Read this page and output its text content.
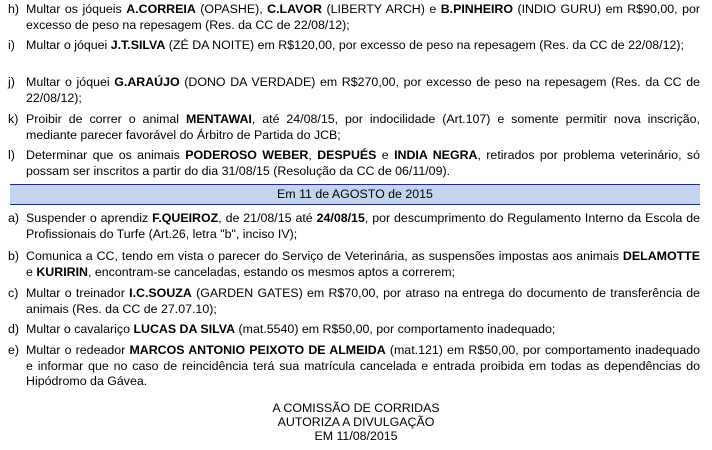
h) Multar os jóqueis A.CORREIA (OPASHE), C.LAVOR (LIBERTY ARCH) e B.PINHEIRO (INDIO GURU) em R$90,00, por excesso de peso na repesagem (Res. da CC de 22/08/12);
i) Multar o jóquei J.T.SILVA (ZÉ DA NOITE) em R$120,00, por excesso de peso na repesagem (Res. da CC de 22/08/12);
j) Multar o jóquei G.ARAÚJO (DONO DA VERDADE) em R$270,00, por excesso de peso na repesagem (Res. da CC de 22/08/12);
k) Proibir de correr o animal MENTAWAI, até 24/08/15, por indocilidade (Art.107) e somente permitir nova inscrição, mediante parecer favorável do Árbitro de Partida do JCB;
l) Determinar que os animais PODEROSO WEBER, DESPUÉS e INDIA NEGRA, retirados por problema veterinário, só possam ser inscritos a partir do dia 31/08/15 (Resolução da CC de 06/11/09).
Em 11 de AGOSTO de 2015
a) Suspender o aprendiz F.QUEIROZ, de 21/08/15 até 24/08/15, por descumprimento do Regulamento Interno da Escola de Profissionais do Turfe (Art.26, letra "b", inciso IV);
b) Comunica a CC, tendo em vista o parecer do Serviço de Veterinária, as suspensões impostas aos animais DELAMOTTE e KURIRIN, encontram-se canceladas, estando os mesmos aptos a correrem;
c) Multar o treinador I.C.SOUZA (GARDEN GATES) em R$70,00, por atraso na entrega do documento de transferência de animais (Res. da CC de 27.07.10);
d) Multar o cavalariço LUCAS DA SILVA (mat.5540) em R$50,00, por comportamento inadequado;
e) Multar o redeador MARCOS ANTONIO PEIXOTO DE ALMEIDA (mat.121) em R$50,00, por comportamento inadequado e informar que no caso de reincidência terá sua matrícula cancelada e entrada proibida em todas as dependências do Hipódromo da Gávea.
A COMISSÃO DE CORRIDAS
AUTORIZA A DIVULGAÇÃO
EM 11/08/2015
